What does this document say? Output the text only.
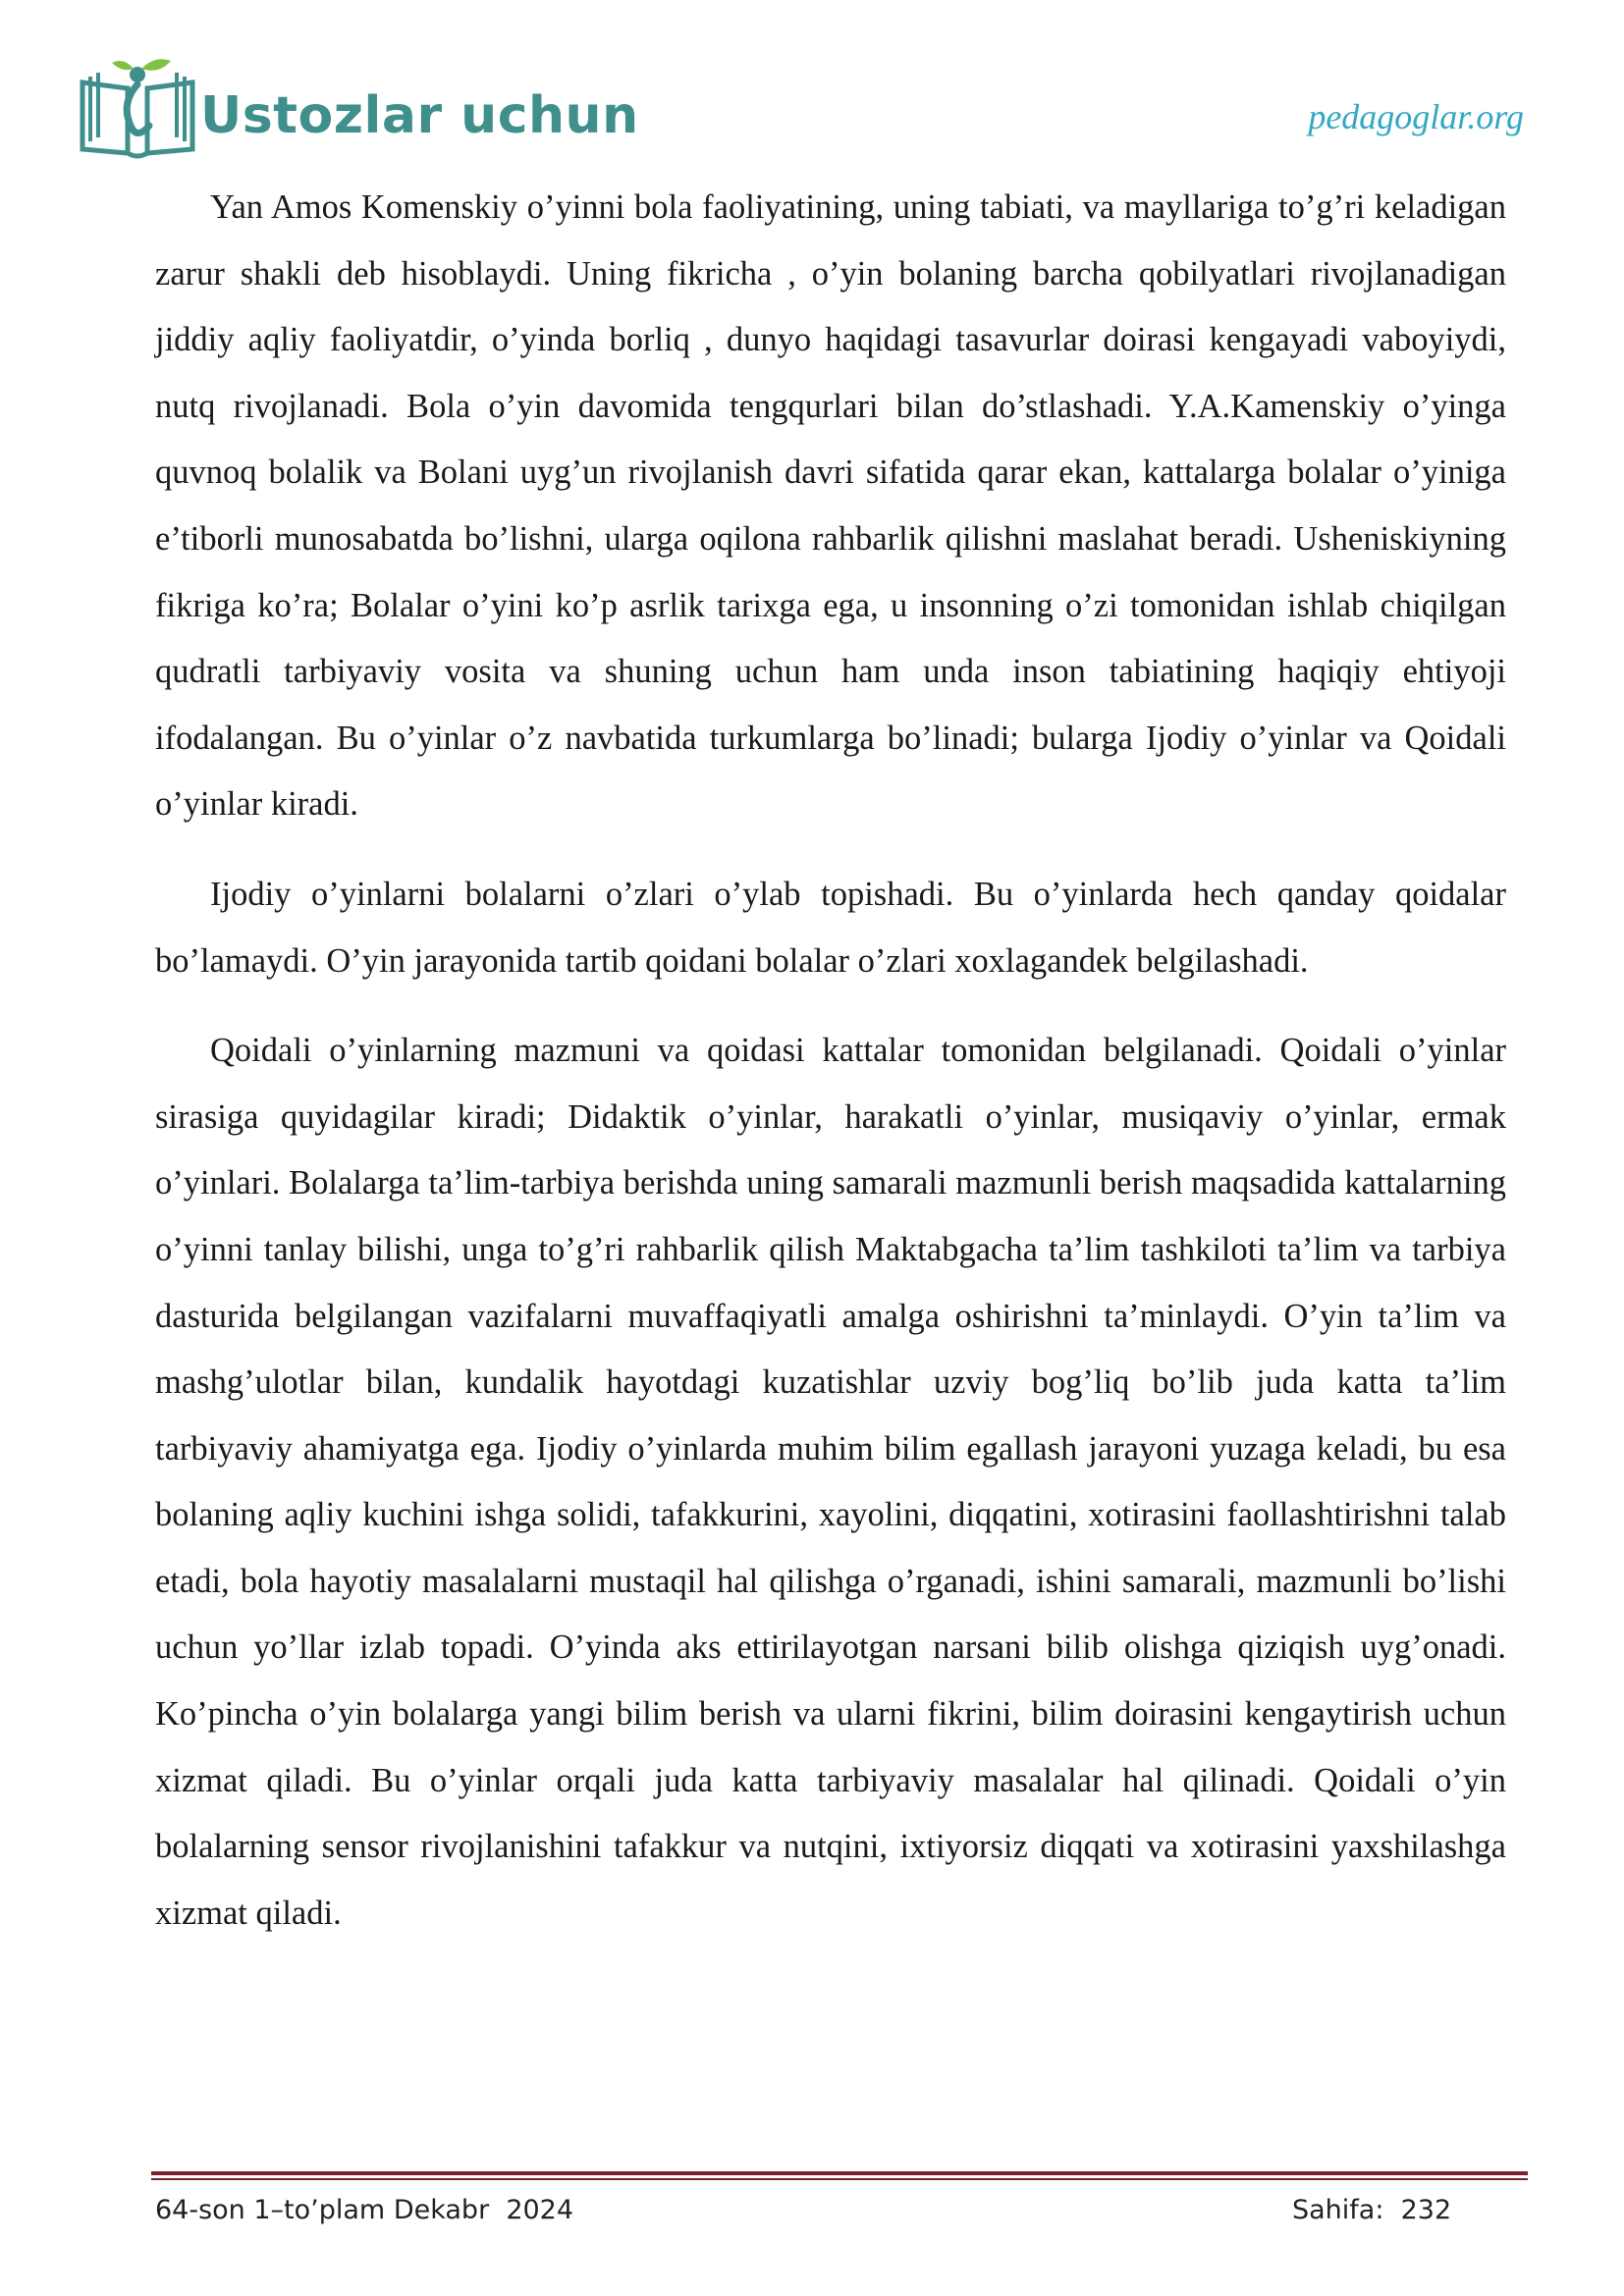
Ustozlar uchun	pedagoglar.org

Yan Amos Komenskiy o’yinni bola faoliyatining, uning tabiati, va mayllariga to’g’ri keladigan zarur shakli deb hisoblaydi. Uning fikricha , o’yin bolaning barcha qobilyatlari rivojlanadigan jiddiy aqliy faoliyatdir, o’yinda borliq , dunyo haqidagi tasavurlar doirasi kengayadi vaboyiydi, nutq rivojlanadi. Bola o’yin davomida tengqurlari bilan do’stlashadi. Y.A.Kamenskiy o’yinga quvnoq bolalik va Bolani uyg’un rivojlanish davri sifatida qarar ekan, kattalarga bolalar o’yiniga e’tiborli munosabatda bo’lishni, ularga oqilona rahbarlik qilishni maslahat beradi. Usheniskiyning fikriga ko’ra; Bolalar o’yini ko’p asrlik tarixga ega, u insonning o’zi tomonidan ishlab chiqilgan qudratli tarbiyaviy vosita va shuning uchun ham unda inson tabiatining haqiqiy ehtiyoji ifodalangan. Bu o’yinlar o’z navbatida turkumlarga bo’linadi; bularga Ijodiy o’yinlar va Qoidali o’yinlar kiradi.

Ijodiy o’yinlarni bolalarni o’zlari o’ylab topishadi. Bu o’yinlarda hech qanday qoidalar bo’lamaydi. O’yin jarayonida tartib qoidani bolalar o’zlari xoxlagandek belgilashadi.

Qoidali o’yinlarning mazmuni va qoidasi kattalar tomonidan belgilanadi. Qoidali o’yinlar sirasiga quyidagilar kiradi; Didaktik o’yinlar, harakatli o’yinlar, musiqaviy o’yinlar, ermak o’yinlari. Bolalarga ta’lim-tarbiya berishda uning samarali mazmunli berish maqsadida kattalarning o’yinni tanlay bilishi, unga to’g’ri rahbarlik qilish Maktabgacha ta’lim tashkiloti ta’lim va tarbiya dasturida belgilangan vazifalarni muvaffaqiyatli amalga oshirishni ta’minlaydi. O’yin ta’lim va mashg’ulotlar bilan, kundalik hayotdagi kuzatishlar uzviy bog’liq bo’lib juda katta ta’lim tarbiyaviy ahamiyatga ega. Ijodiy o’yinlarda muhim bilim egallash jarayoni yuzaga keladi, bu esa bolaning aqliy kuchini ishga solidi, tafakkurini, xayolini, diqqatini, xotirasini faollashtirishni talab etadi, bola hayotiy masalalarni mustaqil hal qilishga o’rganadi, ishini samarali, mazmunli bo’lishi uchun yo’llar izlab topadi. O’yinda aks ettirilayotgan narsani bilib olishga qiziqish uyg’onadi. Ko’pincha o’yin bolalarga yangi bilim berish va ularni fikrini, bilim doirasini kengaytirish uchun xizmat qiladi. Bu o’yinlar orqali juda katta tarbiyaviy masalalar hal qilinadi. Qoidali o’yin bolalarning sensor rivojlanishini tafakkur va nutqini, ixtiyorsiz diqqati va xotirasini yaxshilashga xizmat qiladi.

64-son 1–to’plam Dekabr  2024	Sahifa:  232
